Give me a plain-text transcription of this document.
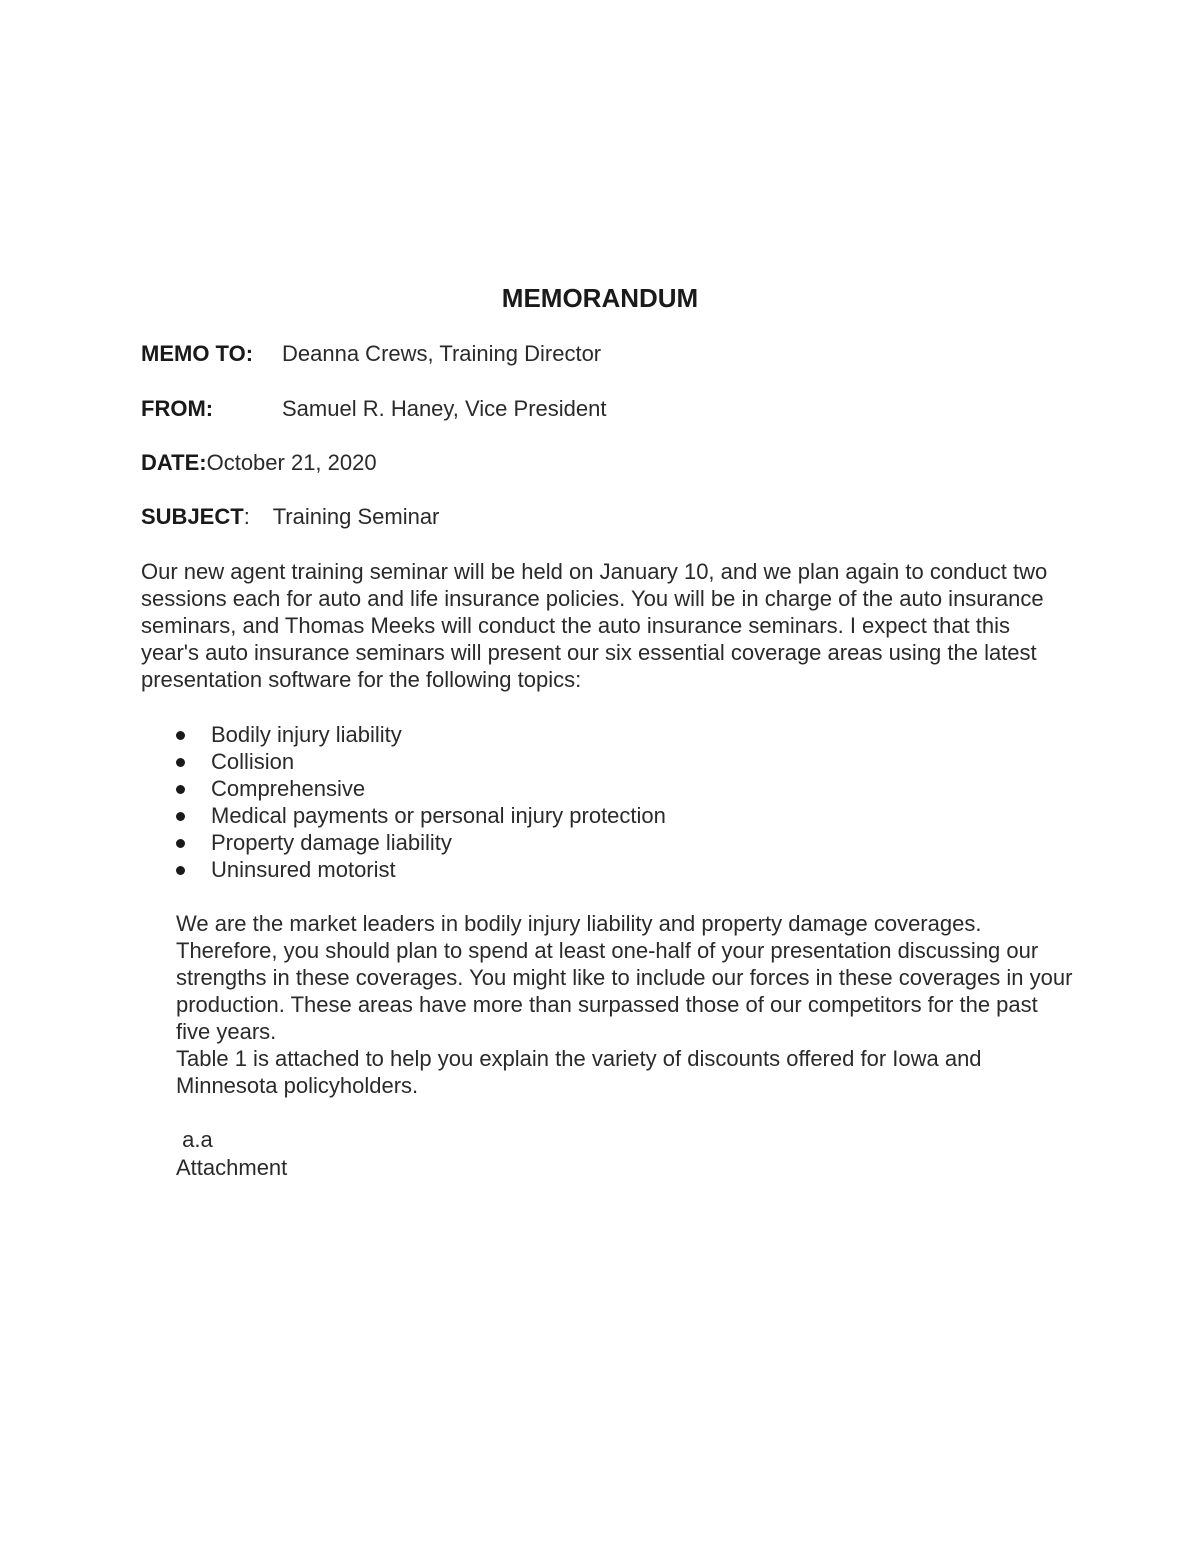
MEMORANDUM
MEMO TO: Deanna Crews, Training Director
FROM:	Samuel R. Haney, Vice President
DATE:October 21, 2020
SUBJECT: Training Seminar

Our new agent training seminar will be held on January 10, and we plan again to conduct two sessions each for auto and life insurance policies. You will be in charge of the auto insurance seminars, and Thomas Meeks will conduct the auto insurance seminars. I expect that this year's auto insurance seminars will present our six essential coverage areas using the latest presentation software for the following topics:

Bodily injury liability
Collision
Comprehensive
Medical payments or personal injury protection
Property damage liability
Uninsured motorist

We are the market leaders in bodily injury liability and property damage coverages. Therefore, you should plan to spend at least one-half of your presentation discussing our strengths in these coverages. You might like to include our forces in these coverages in your production. These areas have more than surpassed those of our competitors for the past five years.

Table 1 is attached to help you explain the variety of discounts offered for Iowa and Minnesota policyholders.

a.a
Attachment
